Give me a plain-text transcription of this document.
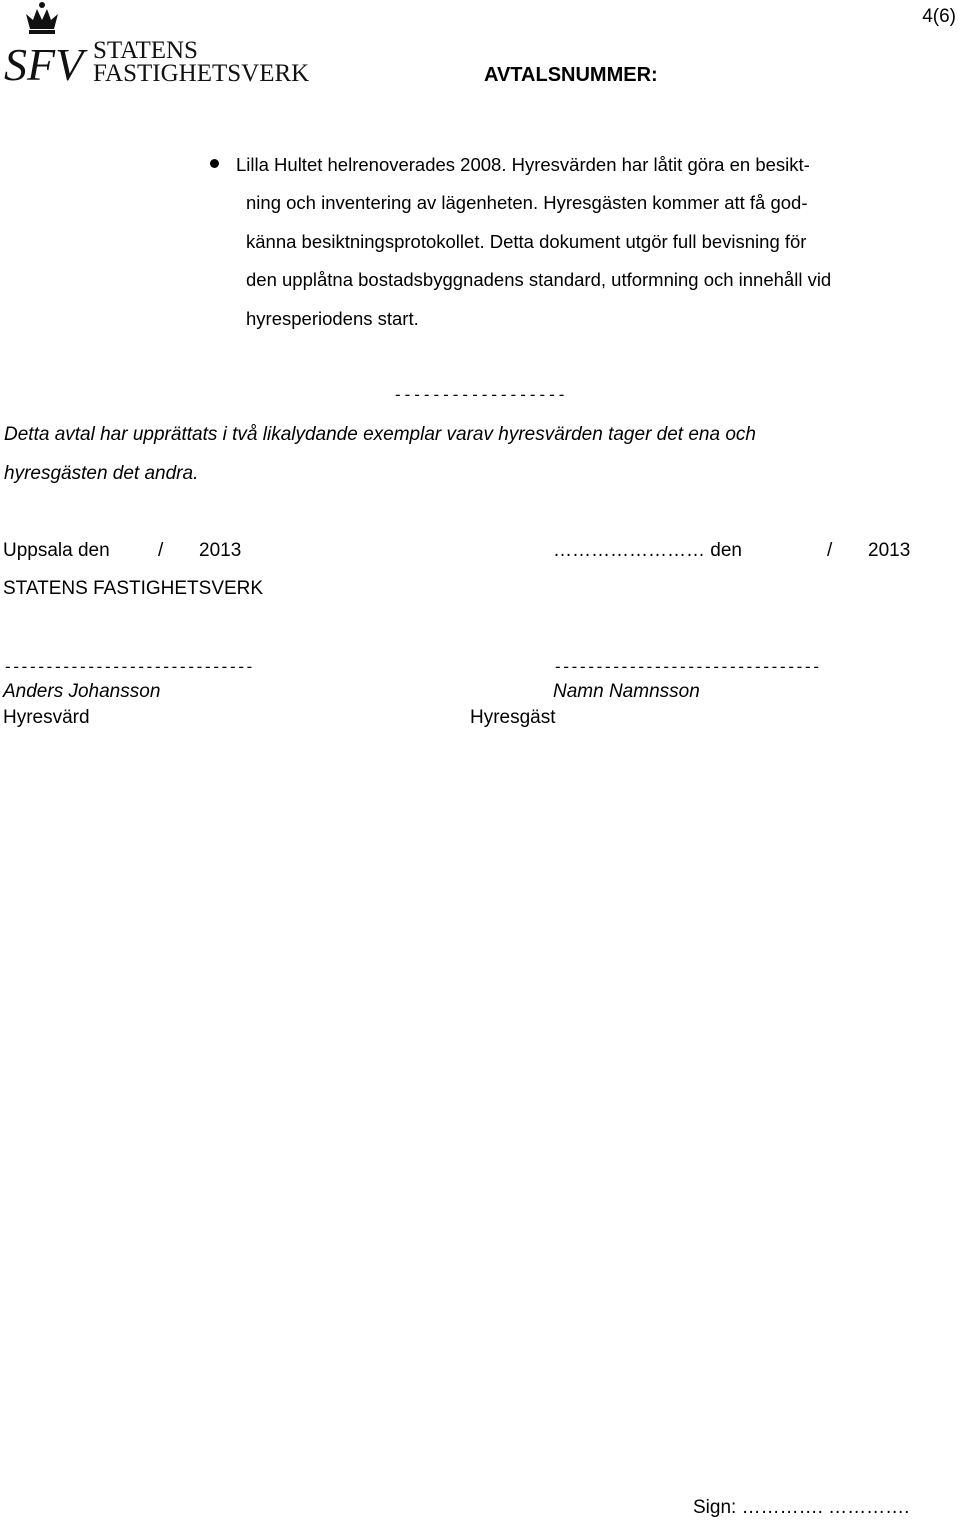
SFV STATENS
FASTIGHETSVERK
4(6)
AVTALSNUMMER:
Lilla Hultet helrenoverades 2008. Hyresvärden har låtit göra en besikt-
ning och inventering av lägenheten. Hyresgästen kommer att få god-
känna besiktningsprotokollet. Detta dokument utgör full bevisning för
den upplåtna bostadsbyggnadens standard, utformning och innehåll vid
hyresperiodens start.
------------------
Detta avtal har upprättats i två likalydande exemplar varav hyresvärden tager det ena och
hyresgästen det andra.
Uppsala den	/ 2013	…………………… den	/ 2013
STATENS FASTIGHETSVERK
------------------------------	--------------------------------
Anders Johansson	Namn Namnsson
Hyresvärd	Hyresgäst
Sign: …………. ………….
